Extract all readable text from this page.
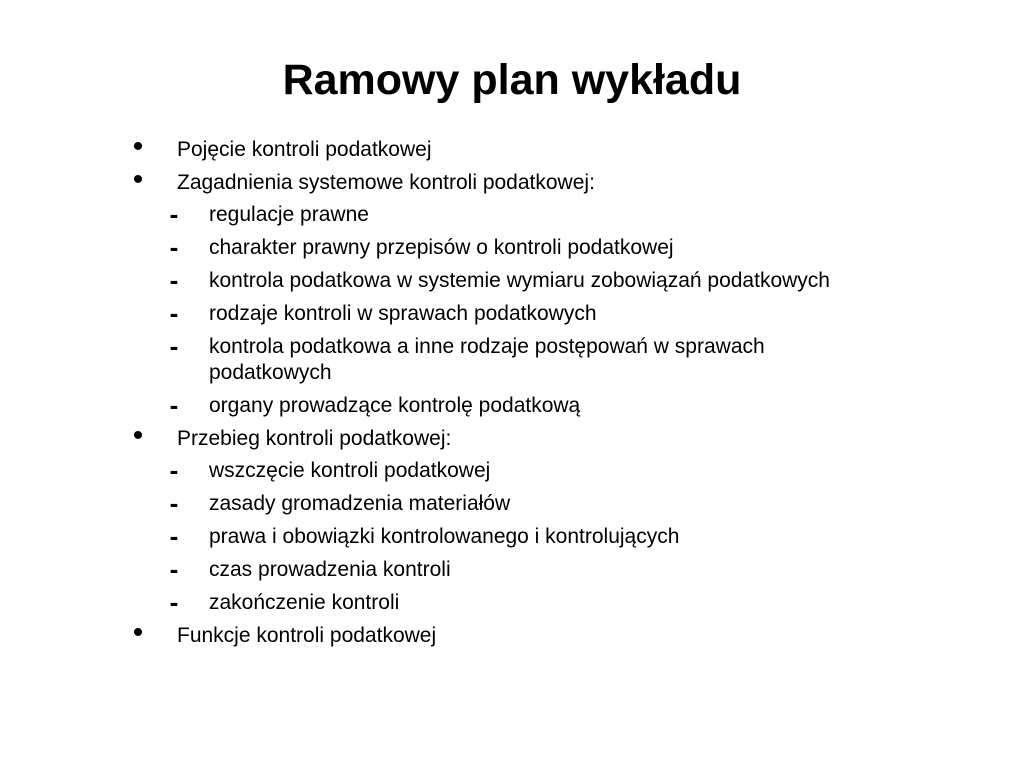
Ramowy plan wykładu
• Pojęcie kontroli podatkowej
• Zagadnienia systemowe kontroli podatkowej:
- regulacje prawne
- charakter prawny przepisów o kontroli podatkowej
- kontrola podatkowa w systemie wymiaru zobowiązań podatkowych
- rodzaje kontroli w sprawach podatkowych
- kontrola podatkowa a inne rodzaje postępowań w sprawach podatkowych
- organy prowadzące kontrolę podatkową
• Przebieg kontroli podatkowej:
- wszczęcie kontroli podatkowej
- zasady gromadzenia materiałów
- prawa i obowiązki kontrolowanego i kontrolujących
- czas prowadzenia kontroli
- zakończenie kontroli
• Funkcje kontroli podatkowej
